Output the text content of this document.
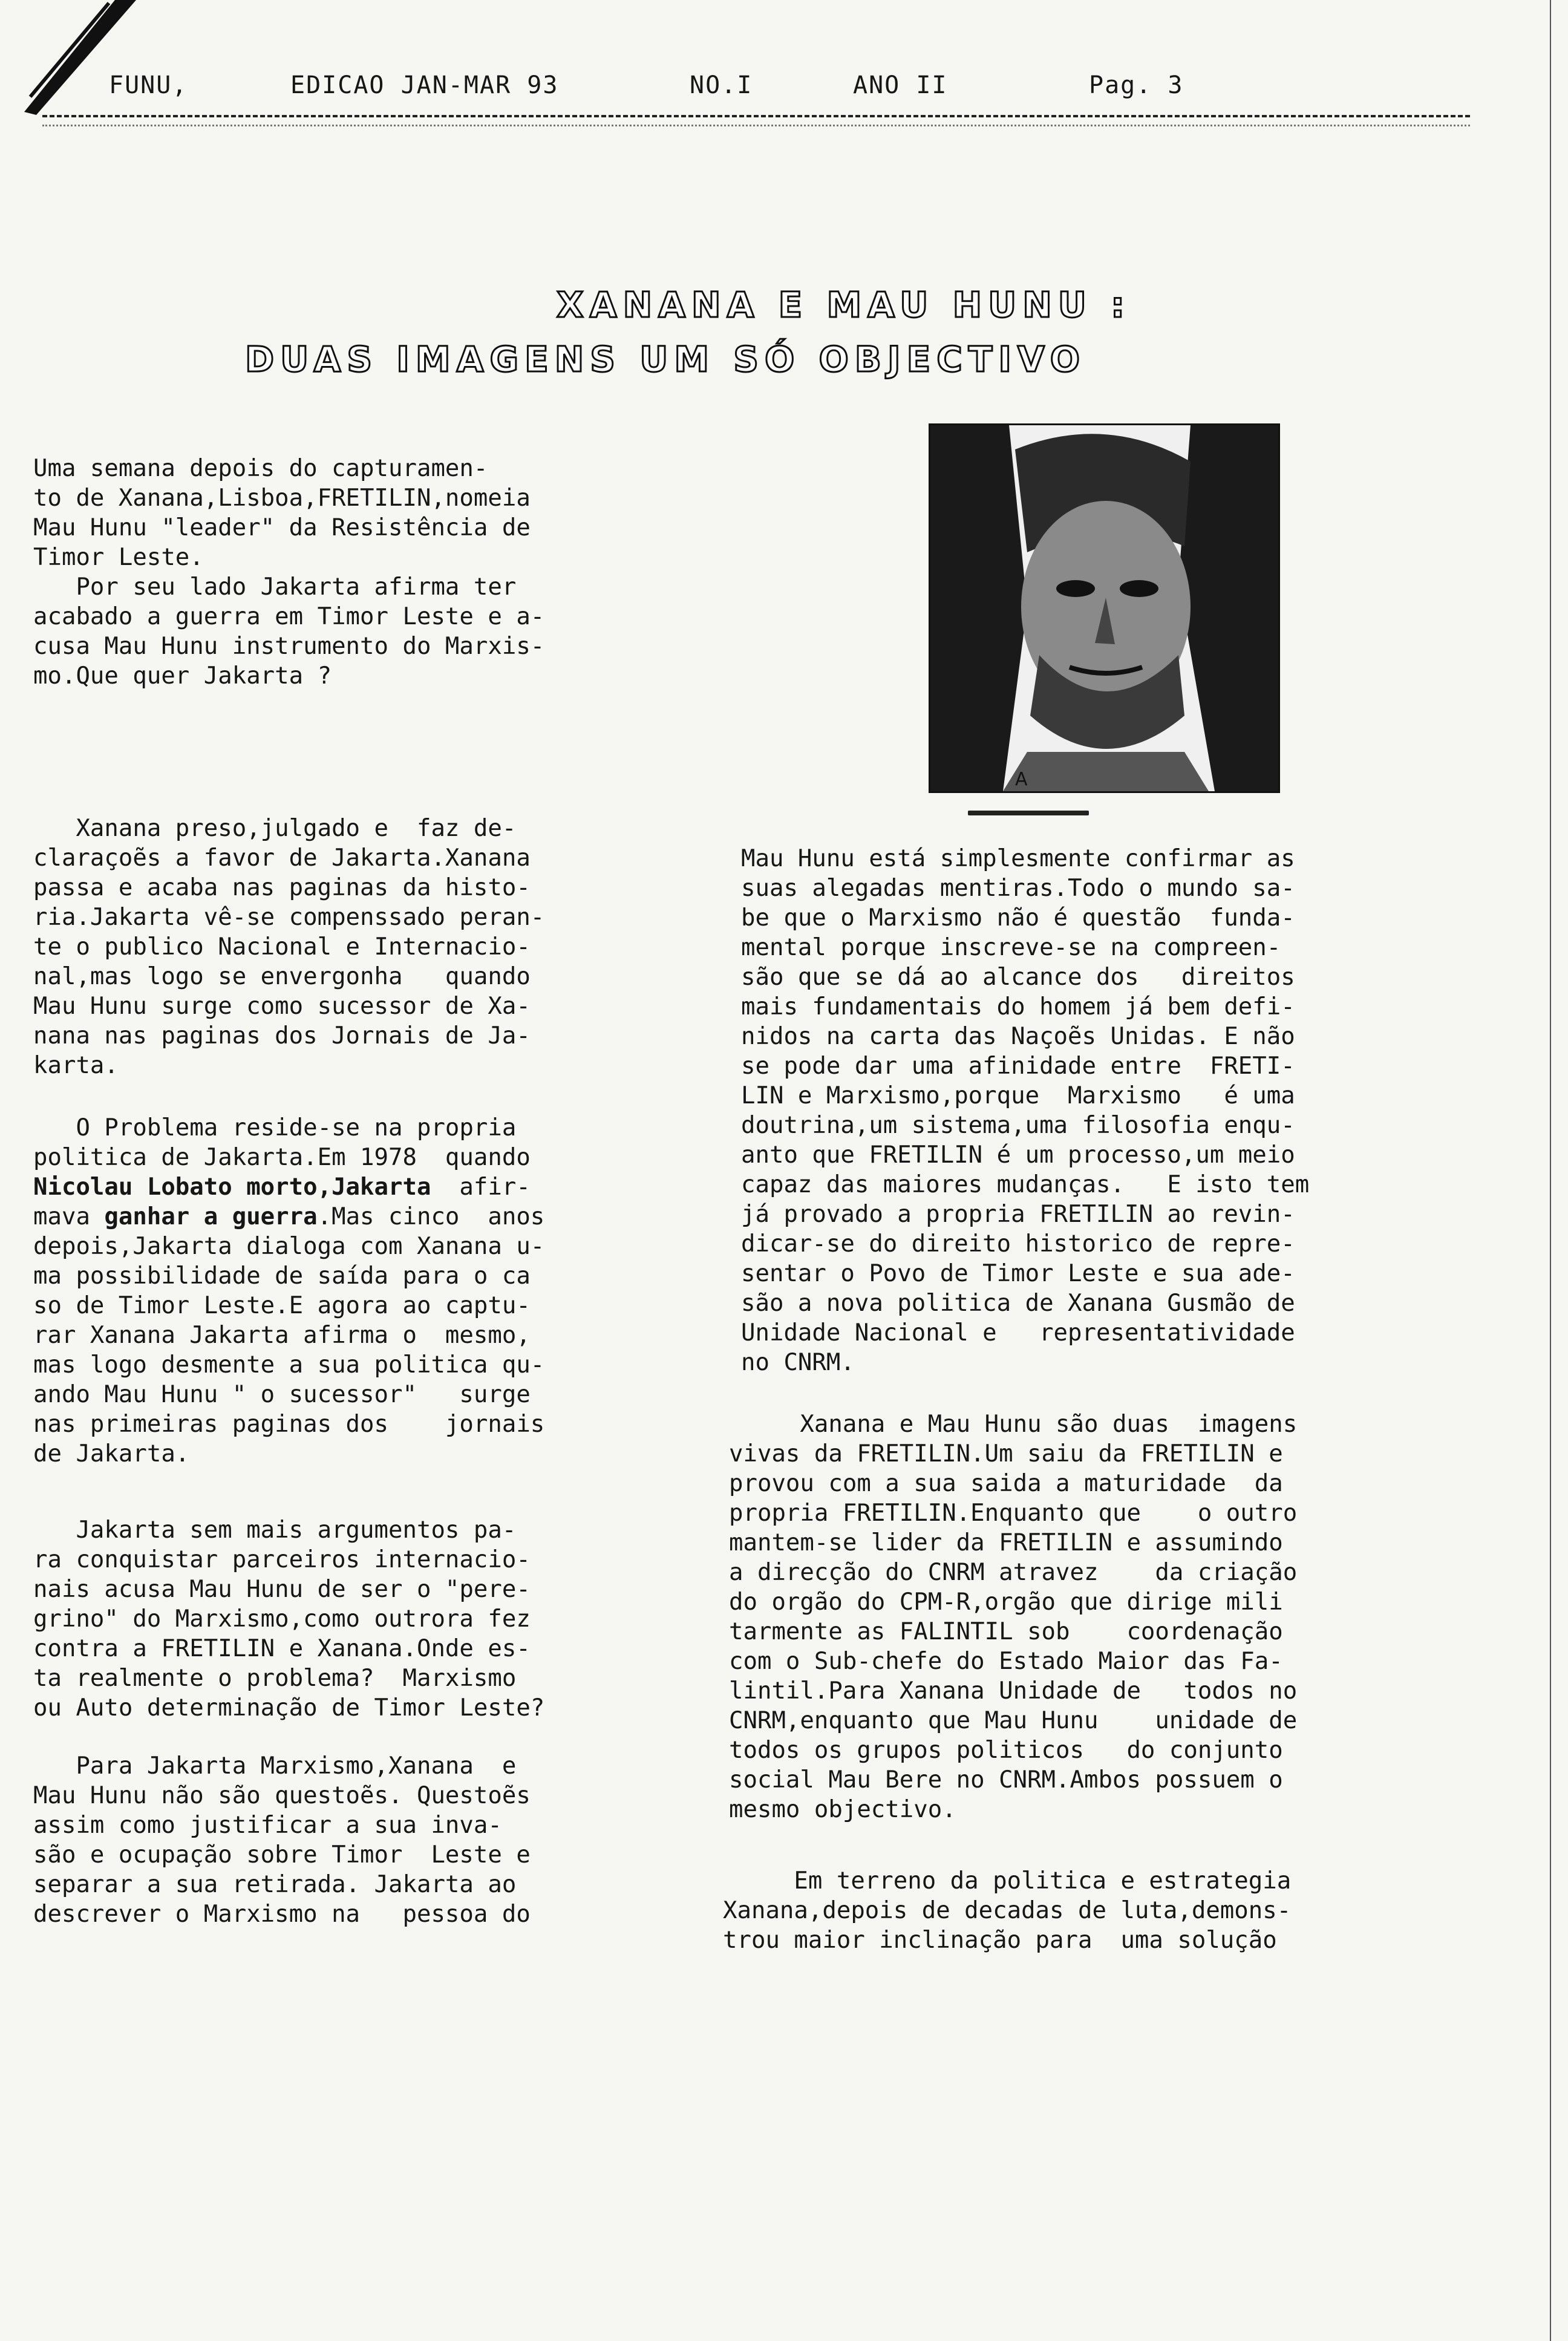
FUNU,	EDICAO JAN-MAR 93	NO.I	ANO II	Pag. 3
XANANA E MAU HUNU :
DUAS IMAGENS UM SÓ OBJECTIVO
Uma semana depois do capturamen-
to de Xanana,Lisboa,FRETILIN,nomeia
Mau Hunu "leader" da Resistência de
Timor Leste.
Por seu lado Jakarta afirma ter
acabado a guerra em Timor Leste e a-
cusa Mau Hunu instrumento do Marxis-
mo.Que quer Jakarta ?
A
Xanana preso,julgado e  faz de-
claraçoẽs a favor de Jakarta.Xanana
passa e acaba nas paginas da histo-
ria.Jakarta vê-se compenssado peran-
te o publico Nacional e Internacio-
nal,mas logo se envergonha   quando
Mau Hunu surge como sucessor de Xa-
nana nas paginas dos Jornais de Ja-
karta.
O Problema reside-se na propria
politica de Jakarta.Em 1978  quando
Nicolau Lobato morto,Jakarta  afir-
mava ganhar a guerra.Mas cinco  anos
depois,Jakarta dialoga com Xanana u-
ma possibilidade de saída para o ca
so de Timor Leste.E agora ao captu-
rar Xanana Jakarta afirma o  mesmo,
mas logo desmente a sua politica qu-
ando Mau Hunu " o sucessor"   surge
nas primeiras paginas dos    jornais
de Jakarta.
Jakarta sem mais argumentos pa-
ra conquistar parceiros internacio-
nais acusa Mau Hunu de ser o "pere-
grino" do Marxismo,como outrora fez
contra a FRETILIN e Xanana.Onde es-
ta realmente o problema?  Marxismo
ou Auto determinação de Timor Leste?
Para Jakarta Marxismo,Xanana  e
Mau Hunu não são questoẽs. Questoẽs
assim como justificar a sua inva-
são e ocupação sobre Timor  Leste e
separar a sua retirada. Jakarta ao
descrever o Marxismo na   pessoa do
Mau Hunu está simplesmente confirmar as
suas alegadas mentiras.Todo o mundo sa-
be que o Marxismo não é questão  funda-
mental porque inscreve-se na compreen-
são que se dá ao alcance dos   direitos
mais fundamentais do homem já bem defi-
nidos na carta das Naçoẽs Unidas. E não
se pode dar uma afinidade entre  FRETI-
LIN e Marxismo,porque  Marxismo   é uma
doutrina,um sistema,uma filosofia enqu-
anto que FRETILIN é um processo,um meio
capaz das maiores mudanças.   E isto tem
já provado a propria FRETILIN ao revin-
dicar-se do direito historico de repre-
sentar o Povo de Timor Leste e sua ade-
são a nova politica de Xanana Gusmão de
Unidade Nacional e   representatividade
no CNRM.
Xanana e Mau Hunu são duas  imagens
vivas da FRETILIN.Um saiu da FRETILIN e
provou com a sua saida a maturidade  da
propria FRETILIN.Enquanto que    o outro
mantem-se lider da FRETILIN e assumindo
a direcção do CNRM atravez    da criação
do orgão do CPM-R,orgão que dirige mili
tarmente as FALINTIL sob    coordenação
com o Sub-chefe do Estado Maior das Fa-
lintil.Para Xanana Unidade de   todos no
CNRM,enquanto que Mau Hunu    unidade de
todos os grupos politicos   do conjunto
social Mau Bere no CNRM.Ambos possuem o
mesmo objectivo.
Em terreno da politica e estrategia
Xanana,depois de decadas de luta,demons-
trou maior inclinação para  uma solução
